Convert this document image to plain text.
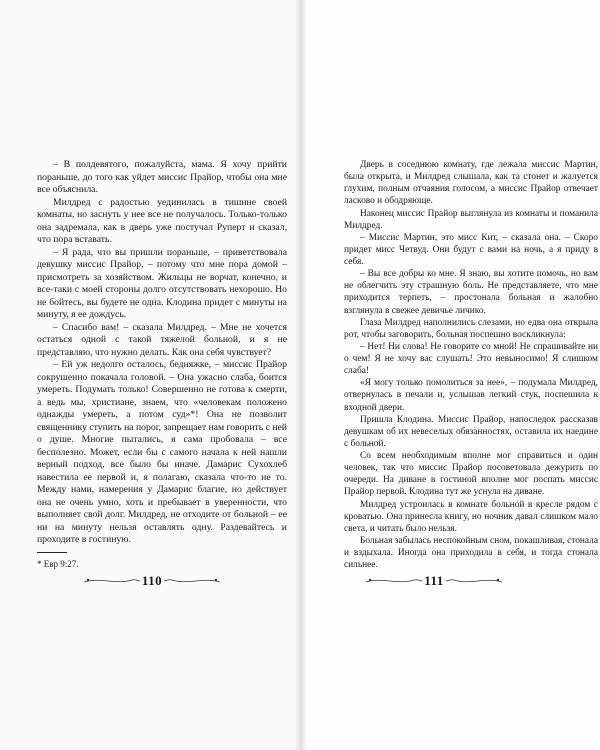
– В полдевятого, пожалуйста, мама. Я хочу прийти пораньше, до того как уйдет миссис Прайор, чтобы она мне все объяснила.

Милдред с радостью уединилась в тишине своей комнаты, но заснуть у нее все не получалось. Только-только она задремала, как в дверь уже постучал Руперт и сказал, что пора вставать.

– Я рада, что вы пришли пораньше, – приветствовала девушку миссис Прайор, – потому что мне пора домой – присмотреть за хозяйством. Жильцы не ворчат, конечно, и все-таки с моей стороны долго отсутствовать нехорошо. Но не бойтесь, вы будете не одна. Клодина придет с минуты на минуту, я ее дождусь.

– Спасибо вам! – сказала Милдред. – Мне не хочется остаться одной с такой тяжелой больной, и я не представляю, что нужно делать. Как она себя чувствует?

– Ей уж недолго осталось, бедняжке, – миссис Прайор сокрушенно покачала головой. – Она ужасно слаба, боится умереть. Подумать только! Совершенно не готова к смерти, а ведь мы, христиане, знаем, что «человекам положено однажды умереть, а потом суд»*! Она не позволит священнику ступить на порог, запрещает нам говорить с ней о душе. Многие пытались, я сама пробовала – все бесполезно. Может, если бы с самого начала к ней нашли верный подход, все было бы иначе. Дамарис Сухохлеб навестила ее первой и, я полагаю, сказала что-то не то. Между нами, намерения у Дамарис благие, но действует она не очень умно, хоть и пребывает в уверенности, что выполняет свой долг. Милдред, не отходите от больной – ее ни на минуту нельзя оставлять одну. Раздевайтесь и проходите в гостиную.

* Евр 9:27.
110

Дверь в соседнюю комнату, где лежала миссис Мартин, была открыта, и Милдред слышала, как та стонет и жалуется глухим, полным отчаяния голосом, а миссис Прайор отвечает ласково и ободряюще.

Наконец миссис Прайор выглянула из комнаты и поманила Милдред.

– Миссис Мартин, это мисс Кит, – сказала она. – Скоро придет мисс Четвуд. Они будут с вами на ночь, а я приду в себя.

– Вы все добры ко мне. Я знаю, вы хотите помочь, но вам не облегчить эту страшную боль. Не представляете, что мне приходится терпеть, – простонала больная и жалобно взглянула в свежее девичье личико.

Глаза Милдред наполнились слезами, но едва она открыла рот, чтобы заговорить, больная поспешно воскликнула:

– Нет! Ни слова! Не говорите со мной! Не спрашивайте ни о чем! Я не хочу вас слушать! Это невыносимо! Я слишком слаба!

«Я могу только помолиться за нее», – подумала Милдред, отвернулась в печали и, услышав легкий стук, поспешила к входной двери.

Пришла Клодина. Миссис Прайор, напоследок рассказав девушкам об их невеселых обязанностях, оставила их наедине с больной.

Со всем необходимым вполне мог справиться и один человек, так что миссис Прайор посоветовала дежурить по очереди. На диване в гостиной вполне мог поспать миссис Прайор первой. Клодина тут же уснула на диване.

Милдред устроилась в комнате больной в кресле рядом с кроватью. Она принесла книгу, но ночник давал слишком мало света, и читать было нельзя.

Больная забылась неспокойным сном, покашливая, стонала и вздыхала. Иногда она приходила в себя, и тогда стонала сильнее.

111
